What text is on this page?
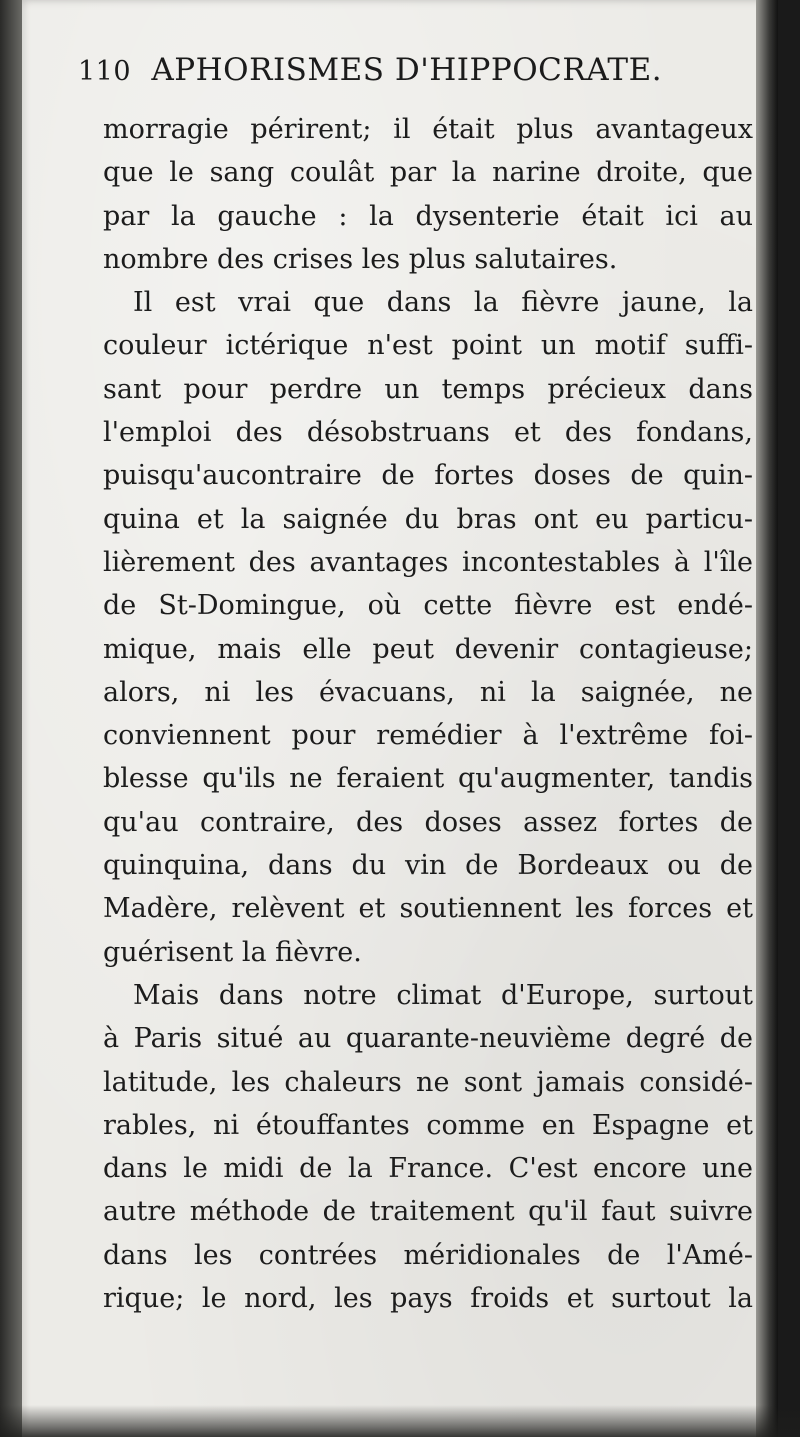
110 APHORISMES D'HIPPOCRATE.
morragie périrent; il était plus avantageux
que le sang coulât par la narine droite, que
par la gauche : la dysenterie était ici au
nombre des crises les plus salutaires.
Il est vrai que dans la fièvre jaune, la
couleur ictérique n'est point un motif suffi-
sant pour perdre un temps précieux dans
l'emploi des désobstruans et des fondans,
puisqu'aucontraire de fortes doses de quin-
quina et la saignée du bras ont eu particu-
lièrement des avantages incontestables à l'île
de St-Domingue, où cette fièvre est endé-
mique, mais elle peut devenir contagieuse;
alors, ni les évacuans, ni la saignée, ne
conviennent pour remédier à l'extrême foi-
blesse qu'ils ne feraient qu'augmenter, tandis
qu'au contraire, des doses assez fortes de
quinquina, dans du vin de Bordeaux ou de
Madère, relèvent et soutiennent les forces et
guérisent la fièvre.
Mais dans notre climat d'Europe, surtout
à Paris situé au quarante-neuvième degré de
latitude, les chaleurs ne sont jamais considé-
rables, ni étouffantes comme en Espagne et
dans le midi de la France. C'est encore une
autre méthode de traitement qu'il faut suivre
dans les contrées méridionales de l'Amé-
rique; le nord, les pays froids et surtout la
